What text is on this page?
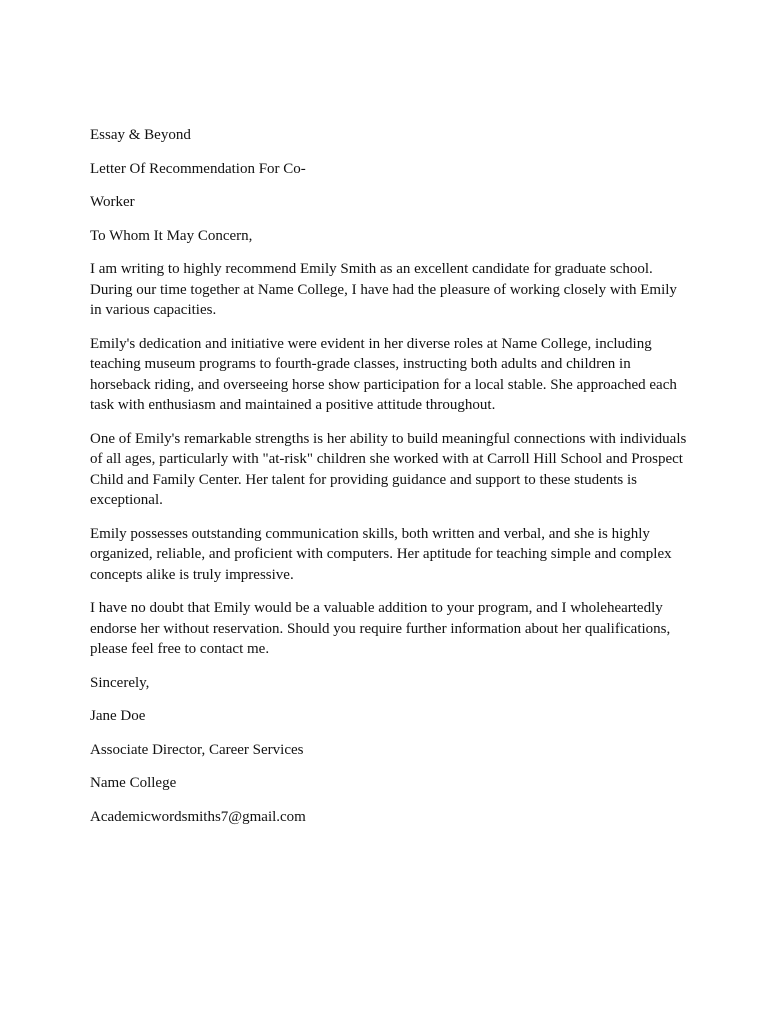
Essay & Beyond

Letter Of Recommendation For Co-

Worker

To Whom It May Concern,

I am writing to highly recommend Emily Smith as an excellent candidate for graduate school. During our time together at Name College, I have had the pleasure of working closely with Emily in various capacities.

Emily's dedication and initiative were evident in her diverse roles at Name College, including teaching museum programs to fourth-grade classes, instructing both adults and children in horseback riding, and overseeing horse show participation for a local stable. She approached each task with enthusiasm and maintained a positive attitude throughout.

One of Emily's remarkable strengths is her ability to build meaningful connections with individuals of all ages, particularly with "at-risk" children she worked with at Carroll Hill School and Prospect Child and Family Center. Her talent for providing guidance and support to these students is exceptional.

Emily possesses outstanding communication skills, both written and verbal, and she is highly organized, reliable, and proficient with computers. Her aptitude for teaching simple and complex concepts alike is truly impressive.

I have no doubt that Emily would be a valuable addition to your program, and I wholeheartedly endorse her without reservation. Should you require further information about her qualifications, please feel free to contact me.

Sincerely,

Jane Doe

Associate Director, Career Services

Name College

Academicwordsmiths7@gmail.com
